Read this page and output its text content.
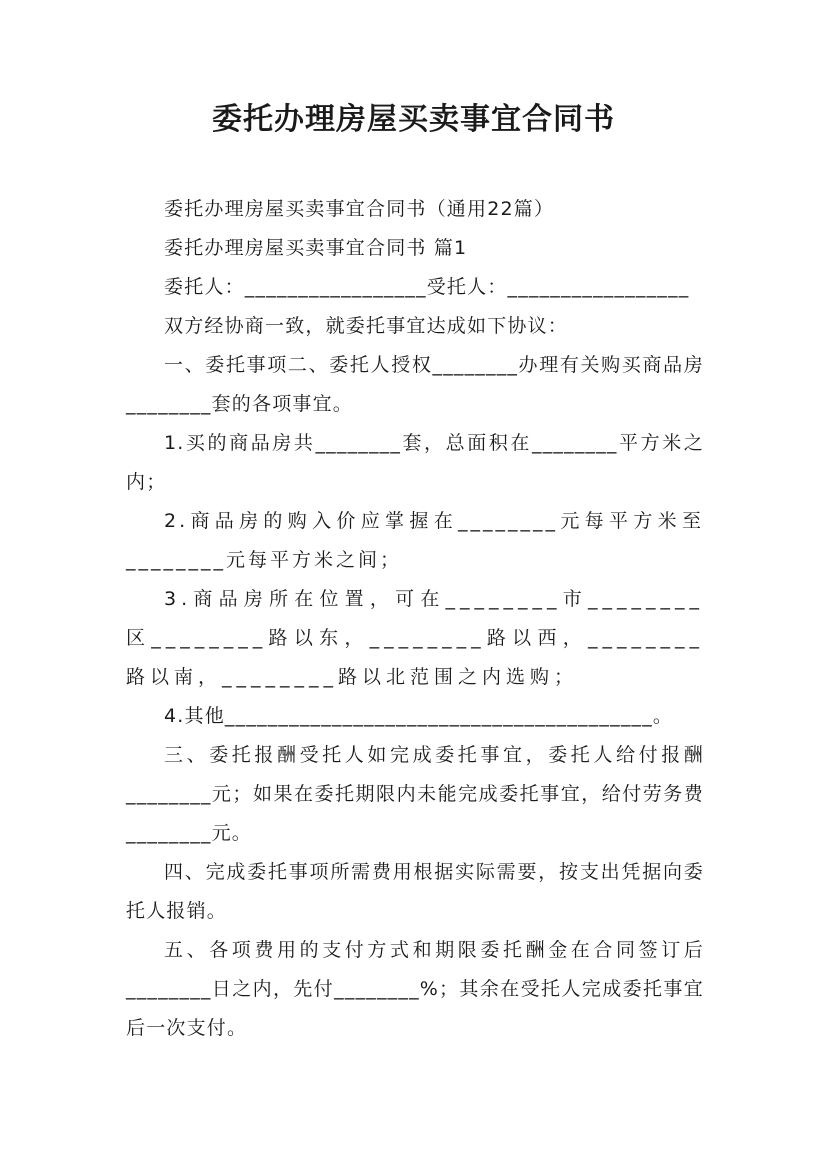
委托办理房屋买卖事宜合同书

委托办理房屋买卖事宜合同书（通用22篇）

委托办理房屋买卖事宜合同书 篇1

委托人：_________________受托人：_________________

双方经协商一致，就委托事宜达成如下协议：

一、委托事项二、委托人授权________办理有关购买商品房________套的各项事宜。

1.买的商品房共________套，总面积在________平方米之内；

2.商品房的购入价应掌握在________元每平方米至________元每平方米之间；

3.商品房所在位置，可在________市________区________路以东，________路以西，________路以南，________路以北范围之内选购；

4.其他________________________________________。

三、委托报酬受托人如完成委托事宜，委托人给付报酬________元；如果在委托期限内未能完成委托事宜，给付劳务费________元。

四、完成委托事项所需费用根据实际需要，按支出凭据向委托人报销。

五、各项费用的支付方式和期限委托酬金在合同签订后________日之内，先付________%；其余在受托人完成委托事宜后一次支付。
